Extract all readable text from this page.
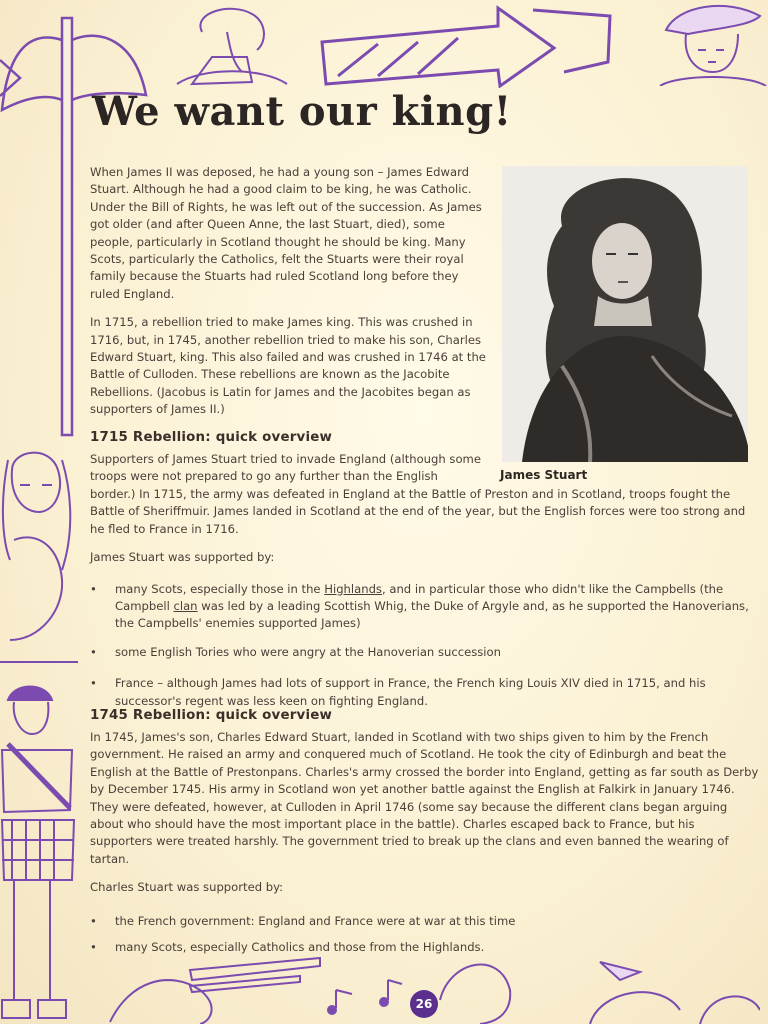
We want our king!

When James II was deposed, he had a young son – James Edward Stuart. Although he had a good claim to be king, he was Catholic. Under the Bill of Rights, he was left out of the succession. As James got older (and after Queen Anne, the last Stuart, died), some people, particularly in Scotland thought he should be king. Many Scots, particularly the Catholics, felt the Stuarts were their royal family because the Stuarts had ruled Scotland long before they ruled England.

In 1715, a rebellion tried to make James king. This was crushed in 1716, but, in 1745, another rebellion tried to make his son, Charles Edward Stuart, king. This also failed and was crushed in 1746 at the Battle of Culloden. These rebellions are known as the Jacobite Rebellions. (Jacobus is Latin for James and the Jacobites began as supporters of James II.)

James Stuart
1715 Rebellion: quick overview
Supporters of James Stuart tried to invade England (although some
troops were not prepared to go any further than the English

border.) In 1715, the army was defeated in England at the Battle of Preston and in Scotland, troops fought the Battle of Sheriffmuir. James landed in Scotland at the end of the year, but the English forces were too strong and he fled to France in 1716.

James Stuart was supported by:

• many Scots, especially those in the Highlands, and in particular those who didn't like the Campbells (the Campbell clan was led by a leading Scottish Whig, the Duke of Argyle and, as he supported the Hanoverians, the Campbells' enemies supported James)
• some English Tories who were angry at the Hanoverian succession
• France – although James had lots of support in France, the French king Louis XIV died in 1715, and his successor's regent was less keen on fighting England.
1745 Rebellion: quick overview

In 1745, James's son, Charles Edward Stuart, landed in Scotland with two ships given to him by the French government. He raised an army and conquered much of Scotland. He took the city of Edinburgh and beat the English at the Battle of Prestonpans. Charles's army crossed the border into England, getting as far south as Derby by December 1745. His army in Scotland won yet another battle against the English at Falkirk in January 1746. They were defeated, however, at Culloden in April 1746 (some say because the different clans began arguing about who should have the most important place in the battle). Charles escaped back to France, but his supporters were treated harshly. The government tried to break up the clans and even banned the wearing of tartan.

Charles Stuart was supported by:

• the French government: England and France were at war at this time
• many Scots, especially Catholics and those from the Highlands.
26
